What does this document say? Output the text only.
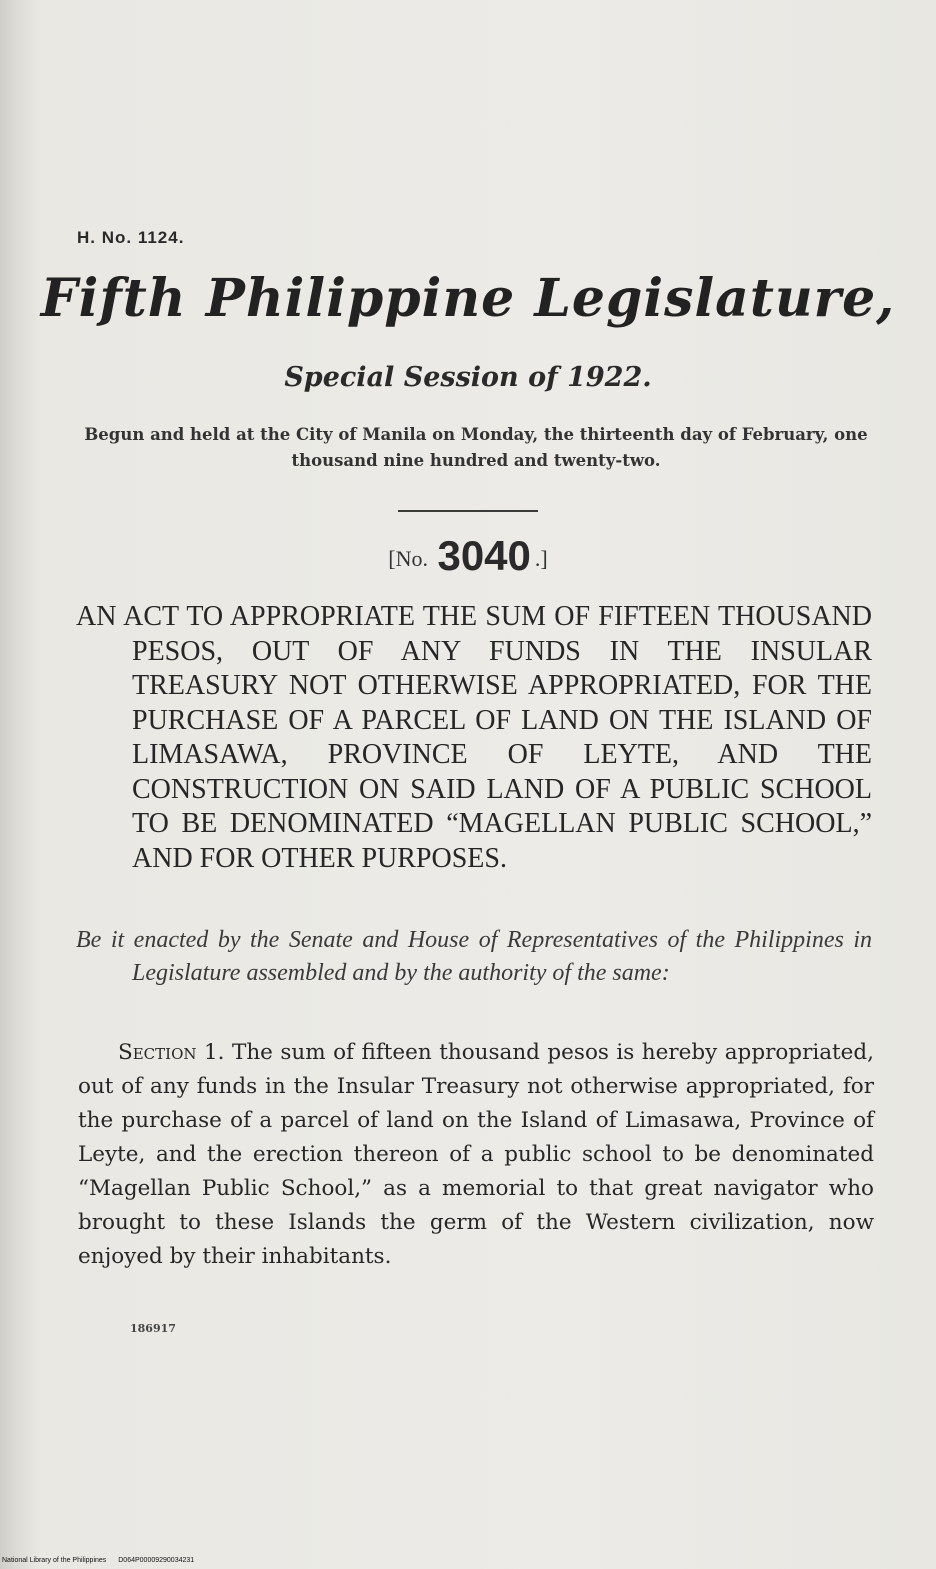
H. No. 1124.
Fifth Philippine Legislature,
Special Session of 1922.
Begun and held at the City of Manila on Monday, the thirteenth day of February, one thousand nine hundred and twenty-two.
[No. 3040 .]
AN ACT TO APPROPRIATE THE SUM OF FIFTEEN THOUSAND PESOS, OUT OF ANY FUNDS IN THE INSULAR TREASURY NOT OTHERWISE APPROPRIATED, FOR THE PURCHASE OF A PARCEL OF LAND ON THE ISLAND OF LIMASAWA, PROVINCE OF LEYTE, AND THE CONSTRUCTION ON SAID LAND OF A PUBLIC SCHOOL TO BE DENOMINATED “MAGELLAN PUBLIC SCHOOL,” AND FOR OTHER PURPOSES.
Be it enacted by the Senate and House of Representatives of the Philippines in Legislature assembled and by the authority of the same:
Section 1. The sum of fifteen thousand pesos is hereby appropriated, out of any funds in the Insular Treasury not otherwise appropriated, for the purchase of a parcel of land on the Island of Limasawa, Province of Leyte, and the erection thereon of a public school to be denominated “Magellan Public School,” as a memorial to that great navigator who brought to these Islands the germ of the Western civilization, now enjoyed by their inhabitants.
186917
National Library of the Philippines D064P00009290034231
